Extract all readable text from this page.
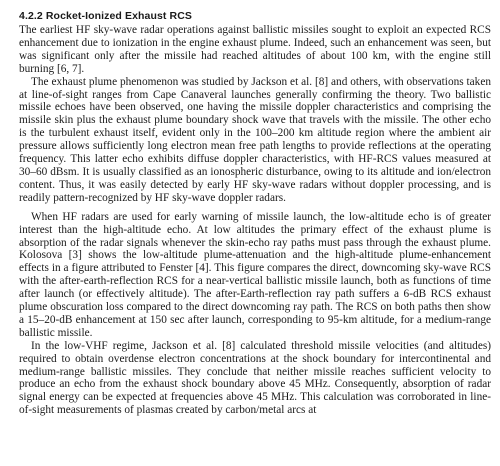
4.2.2 Rocket-Ionized Exhaust RCS

The earliest HF sky-wave radar operations against ballistic missiles sought to exploit an expected RCS enhancement due to ionization in the engine exhaust plume. Indeed, such an enhancement was seen, but was significant only after the missile had reached altitudes of about 100 km, with the engine still burning [6, 7].

The exhaust plume phenomenon was studied by Jackson et al. [8] and others, with observations taken at line-of-sight ranges from Cape Canaveral launches generally confirming the theory. Two ballistic missile echoes have been observed, one having the missile doppler characteristics and comprising the missile skin plus the exhaust plume boundary shock wave that travels with the missile. The other echo is the turbulent exhaust itself, evident only in the 100–200 km altitude region where the ambient air pressure allows sufficiently long electron mean free path lengths to provide reflections at the operating frequency. This latter echo exhibits diffuse doppler characteristics, with HF-RCS values measured at 30–60 dBsm. It is usually classified as an ionospheric disturbance, owing to its altitude and ion/electron content. Thus, it was easily detected by early HF sky-wave radars without doppler processing, and is readily pattern-recognized by HF sky-wave doppler radars.

When HF radars are used for early warning of missile launch, the low-altitude echo is of greater interest than the high-altitude echo. At low altitudes the primary effect of the exhaust plume is absorption of the radar signals whenever the skin-echo ray paths must pass through the exhaust plume. Kolosova [3] shows the low-altitude plume-attenuation and the high-altitude plume-enhancement effects in a figure attributed to Fenster [4]. This figure compares the direct, downcoming sky-wave RCS with the after-earth-reflection RCS for a near-vertical ballistic missile launch, both as functions of time after launch (or effectively altitude). The after-Earth-reflection ray path suffers a 6-dB RCS exhaust plume obscuration loss compared to the direct downcoming ray path. The RCS on both paths then show a 15–20-dB enhancement at 150 sec after launch, corresponding to 95-km altitude, for a medium-range ballistic missile.

In the low-VHF regime, Jackson et al. [8] calculated threshold missile velocities (and altitudes) required to obtain overdense electron concentrations at the shock boundary for intercontinental and medium-range ballistic missiles. They conclude that neither missile reaches sufficient velocity to produce an echo from the exhaust shock boundary above 45 MHz. Consequently, absorption of radar signal energy can be expected at frequencies above 45 MHz. This calculation was corroborated in line-of-sight measurements of plasmas created by carbon/metal arcs at
